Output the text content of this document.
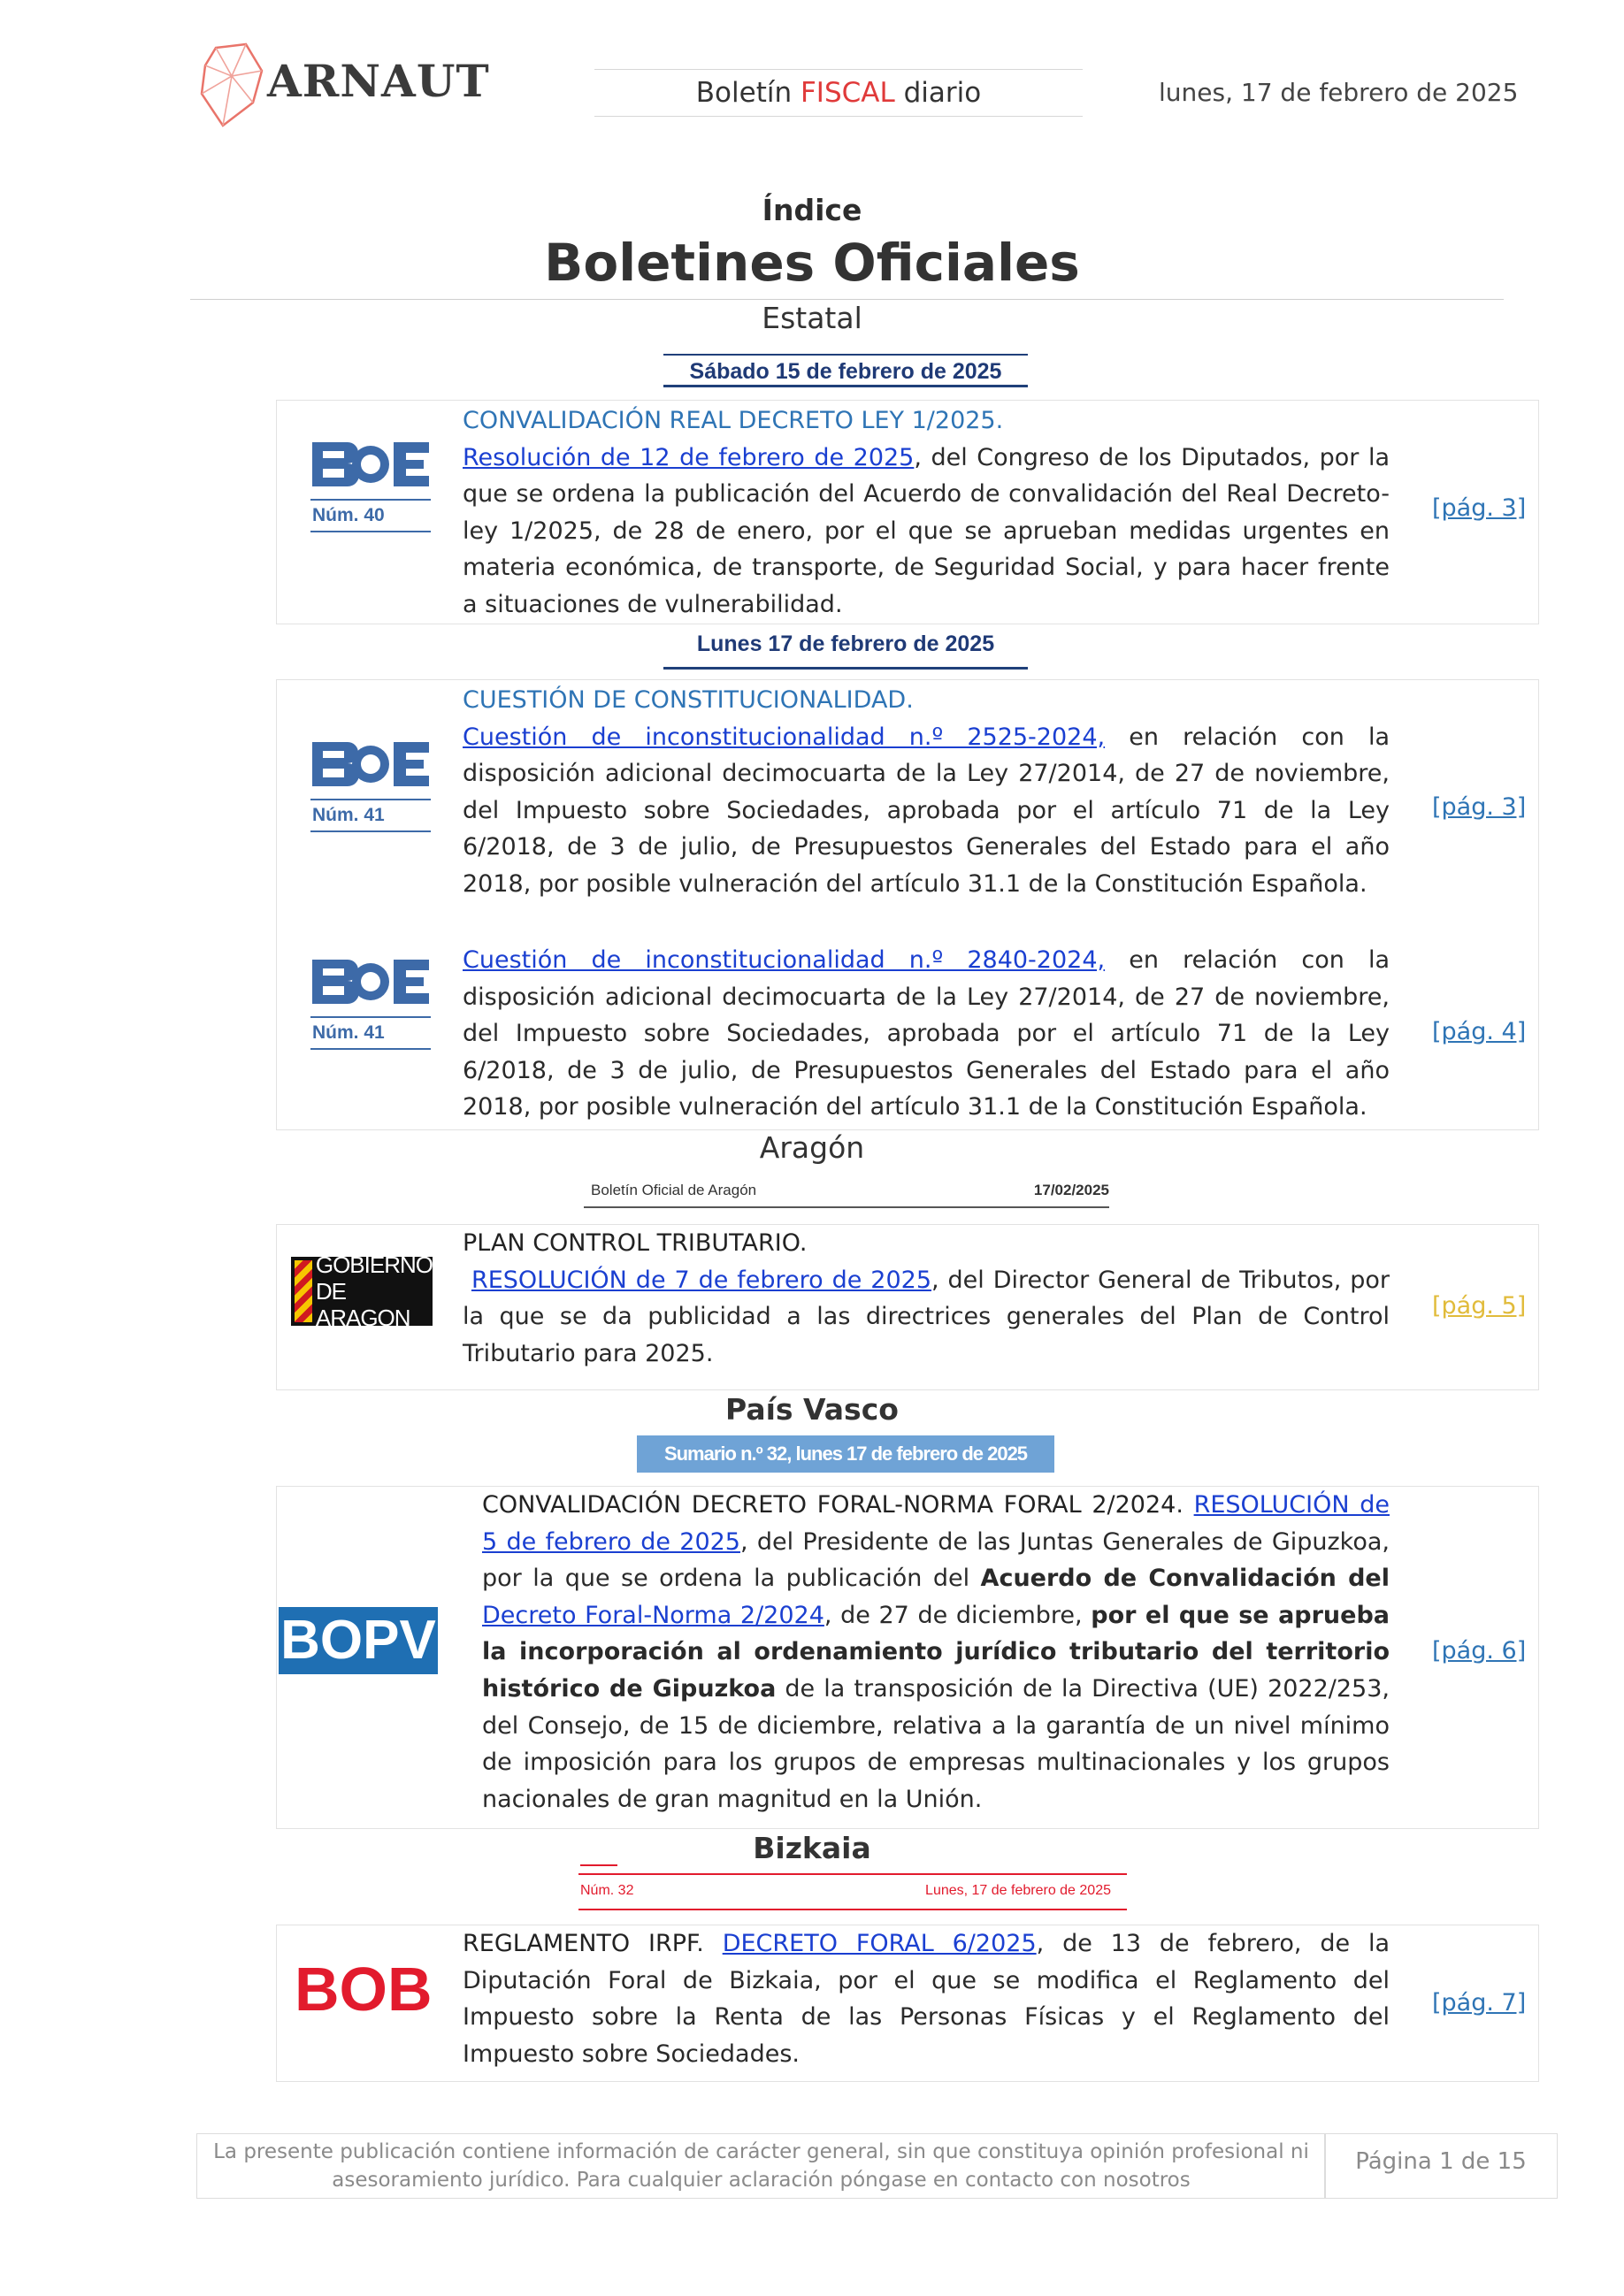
ARNAUT	Boletín FISCAL diario	lunes, 17 de febrero de 2025
Índice
Boletines Oficiales
Estatal
Sábado 15 de febrero de 2025
Núm. 40
CONVALIDACIÓN REAL DECRETO LEY 1/2025.
Resolución de 12 de febrero de 2025, del Congreso de los Diputados, por la que se ordena la publicación del Acuerdo de convalidación del Real Decreto-ley 1/2025, de 28 de enero, por el que se aprueban medidas urgentes en materia económica, de transporte, de Seguridad Social, y para hacer frente a situaciones de vulnerabilidad.
[pág. 3]
Lunes 17 de febrero de 2025
Núm. 41
CUESTIÓN DE CONSTITUCIONALIDAD.
Cuestión de inconstitucionalidad n.º 2525-2024, en relación con la disposición adicional decimocuarta de la Ley 27/2014, de 27 de noviembre, del Impuesto sobre Sociedades, aprobada por el artículo 71 de la Ley 6/2018, de 3 de julio, de Presupuestos Generales del Estado para el año 2018, por posible vulneración del artículo 31.1 de la Constitución Española.
[pág. 3]
Núm. 41
Cuestión de inconstitucionalidad n.º 2840-2024, en relación con la disposición adicional decimocuarta de la Ley 27/2014, de 27 de noviembre, del Impuesto sobre Sociedades, aprobada por el artículo 71 de la Ley 6/2018, de 3 de julio, de Presupuestos Generales del Estado para el año 2018, por posible vulneración del artículo 31.1 de la Constitución Española.
[pág. 4]
Aragón
Boletín Oficial de Aragón	17/02/2025
GOBIERNO
DE ARAGON
PLAN CONTROL TRIBUTARIO.
RESOLUCIÓN de 7 de febrero de 2025, del Director General de Tributos, por la que se da publicidad a las directrices generales del Plan de Control Tributario para 2025.
[pág. 5]
País Vasco
Sumario n.º 32, lunes 17 de febrero de 2025
BOPV
CONVALIDACIÓN DECRETO FORAL-NORMA FORAL 2/2024. RESOLUCIÓN de 5 de febrero de 2025, del Presidente de las Juntas Generales de Gipuzkoa, por la que se ordena la publicación del Acuerdo de Convalidación del Decreto Foral-Norma 2/2024, de 27 de diciembre, por el que se aprueba la incorporación al ordenamiento jurídico tributario del territorio histórico de Gipuzkoa de la transposición de la Directiva (UE) 2022/253, del Consejo, de 15 de diciembre, relativa a la garantía de un nivel mínimo de imposición para los grupos de empresas multinacionales y los grupos nacionales de gran magnitud en la Unión.
[pág. 6]
Bizkaia
Núm. 32	Lunes, 17 de febrero de 2025
BOB
REGLAMENTO IRPF. DECRETO FORAL 6/2025, de 13 de febrero, de la Diputación Foral de Bizkaia, por el que se modifica el Reglamento del Impuesto sobre la Renta de las Personas Físicas y el Reglamento del Impuesto sobre Sociedades.
[pág. 7]
La presente publicación contiene información de carácter general, sin que constituya opinión profesional ni
asesoramiento jurídico. Para cualquier aclaración póngase en contacto con nosotros
Página 1 de 15
